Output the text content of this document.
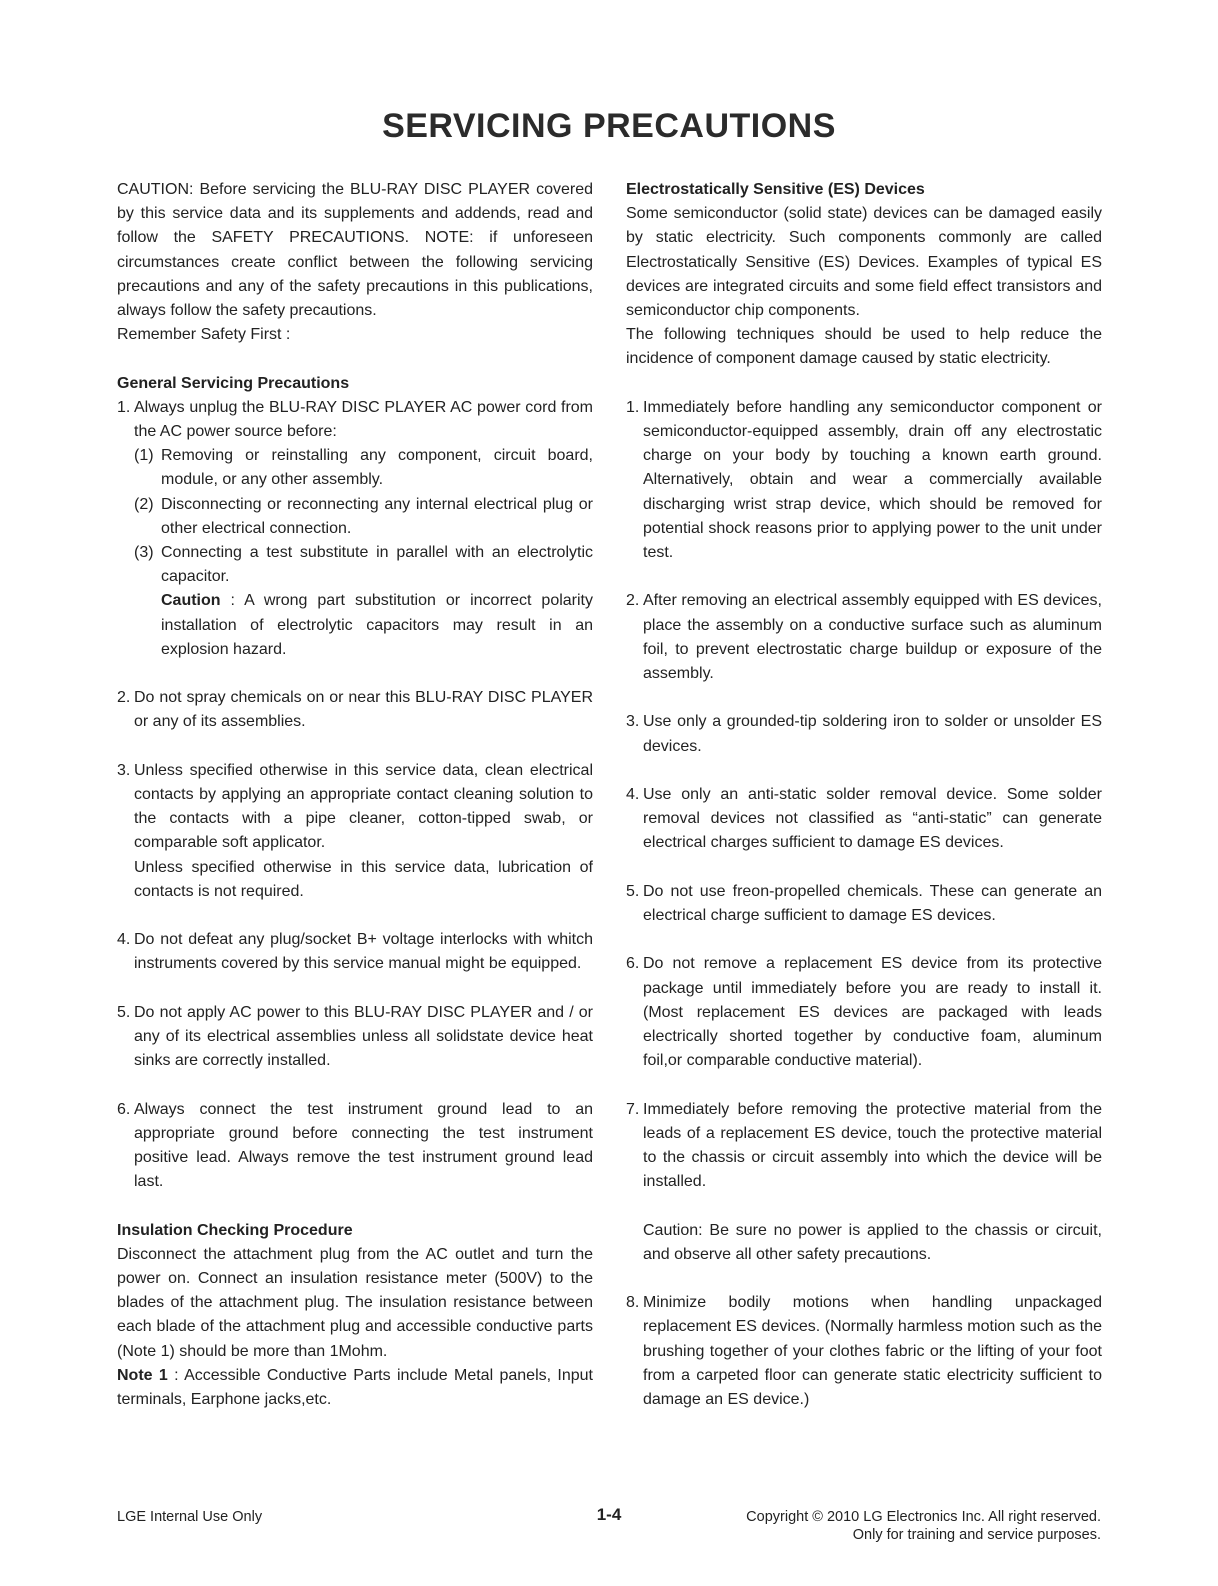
SERVICING PRECAUTIONS

CAUTION: Before servicing the BLU-RAY DISC PLAYER covered by this service data and its supplements and addends, read and follow the SAFETY PRECAUTIONS. NOTE: if unforeseen circumstances create conflict between the following servicing precautions and any of the safety precautions in this publications, always follow the safety precautions.

Remember Safety First :

General Servicing Precautions
1. Always unplug the BLU-RAY DISC PLAYER AC power cord from the AC power source before:
(1) Removing or reinstalling any component, circuit board, module, or any other assembly.
(2) Disconnecting or reconnecting any internal electrical plug or other electrical connection.
(3) Connecting a test substitute in parallel with an electrolytic capacitor.

Caution : A wrong part substitution or incorrect polarity installation of electrolytic capacitors may result in an explosion hazard.

2. Do not spray chemicals on or near this BLU-RAY DISC PLAYER or any of its assemblies.
3. Unless specified otherwise in this service data, clean electrical contacts by applying an appropriate contact cleaning solution to the contacts with a pipe cleaner, cotton-tipped swab, or comparable soft applicator.

Unless specified otherwise in this service data, lubrication of contacts is not required.

4. Do not defeat any plug/socket B+ voltage interlocks with whitch instruments covered by this service manual might be equipped.
5. Do not apply AC power to this BLU-RAY DISC PLAYER and / or any of its electrical assemblies unless all solidstate device heat sinks are correctly installed.
6. Always connect the test instrument ground lead to an appropriate ground before connecting the test instrument positive lead. Always remove the test instrument ground lead last.
Insulation Checking Procedure

Disconnect the attachment plug from the AC outlet and turn the power on. Connect an insulation resistance meter (500V) to the blades of the attachment plug. The insulation resistance between each blade of the attachment plug and accessible conductive parts (Note 1) should be more than 1Mohm.

Note 1 : Accessible Conductive Parts include Metal panels, Input terminals, Earphone jacks,etc.

Electrostatically Sensitive (ES) Devices

Some semiconductor (solid state) devices can be damaged easily by static electricity. Such components commonly are called Electrostatically Sensitive (ES) Devices. Examples of typical ES devices are integrated circuits and some field effect transistors and semiconductor chip components.

The following techniques should be used to help reduce the incidence of component damage caused by static electricity.

1. Immediately before handling any semiconductor component or semiconductor-equipped assembly, drain off any electrostatic charge on your body by touching a known earth ground. Alternatively, obtain and wear a commercially available discharging wrist strap device, which should be removed for potential shock reasons prior to applying power to the unit under test.
2. After removing an electrical assembly equipped with ES devices, place the assembly on a conductive surface such as aluminum foil, to prevent electrostatic charge buildup or exposure of the assembly.
3. Use only a grounded-tip soldering iron to solder or unsolder ES devices.
4. Use only an anti-static solder removal device. Some solder removal devices not classified as “anti-static” can generate electrical charges sufficient to damage ES devices.
5. Do not use freon-propelled chemicals. These can generate an electrical charge sufficient to damage ES devices.
6. Do not remove a replacement ES device from its protective package until immediately before you are ready to install it. (Most replacement ES devices are packaged with leads electrically shorted together by conductive foam, aluminum foil,or comparable conductive material).
7. Immediately before removing the protective material from the leads of a replacement ES device, touch the protective material to the chassis or circuit assembly into which the device will be installed.

Caution: Be sure no power is applied to the chassis or circuit, and observe all other safety precautions.

8. Minimize bodily motions when handling unpackaged replacement ES devices. (Normally harmless motion such as the brushing together of your clothes fabric or the lifting of your foot from a carpeted floor can generate static electricity sufficient to damage an ES device.)
LGE Internal Use Only	1-4	Copyright © 2010 LG Electronics Inc. All right reserved.
Only for training and service purposes.
